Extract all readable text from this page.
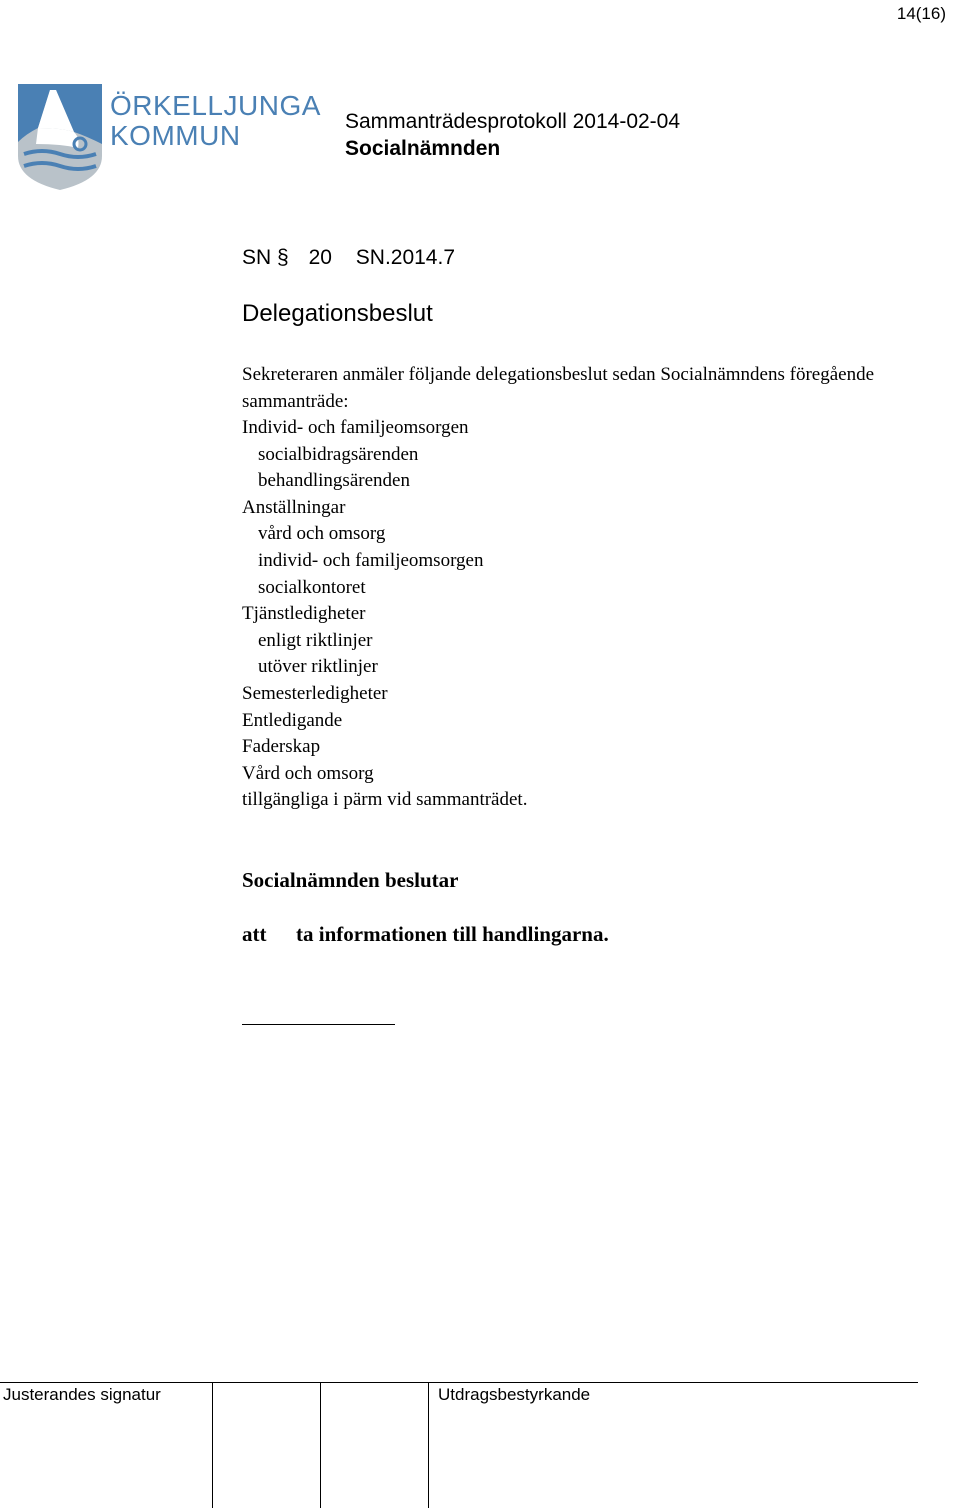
14(16)
ÖRKELLJUNGA
KOMMUN	Sammanträdesprotokoll 2014-02-04
Socialnämnden
SN § 20 SN.2014.7
Delegationsbeslut
Sekreteraren anmäler följande delegationsbeslut sedan Socialnämndens föregående sammanträde:
Individ- och familjeomsorgen
socialbidragsärenden
behandlingsärenden
Anställningar
vård och omsorg
individ- och familjeomsorgen
socialkontoret
Tjänstledigheter
enligt riktlinjer
utöver riktlinjer
Semesterledigheter
Entledigande
Faderskap
Vård och omsorg
tillgängliga i pärm vid sammanträdet.
Socialnämnden beslutar
att ta informationen till handlingarna.
Justerandes signatur	Utdragsbestyrkande
